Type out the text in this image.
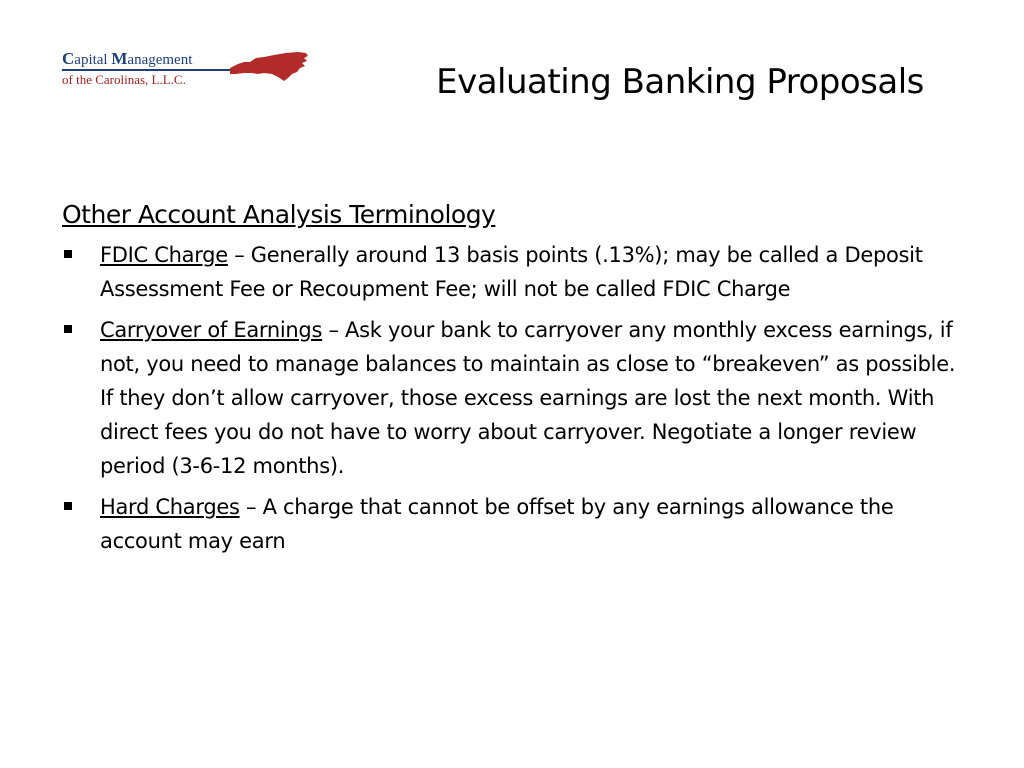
Capital Management
of the Carolinas, L.L.C.	Evaluating Banking Proposals
Other Account Analysis Terminology
FDIC Charge – Generally around 13 basis points (.13%); may be called a Deposit Assessment Fee or Recoupment Fee; will not be called FDIC Charge
Carryover of Earnings – Ask your bank to carryover any monthly excess earnings, if not, you need to manage balances to maintain as close to “breakeven” as possible. If they don’t allow carryover, those excess earnings are lost the next month. With direct fees you do not have to worry about carryover. Negotiate a longer review period (3-6-12 months).
Hard Charges – A charge that cannot be offset by any earnings allowance the account may earn
